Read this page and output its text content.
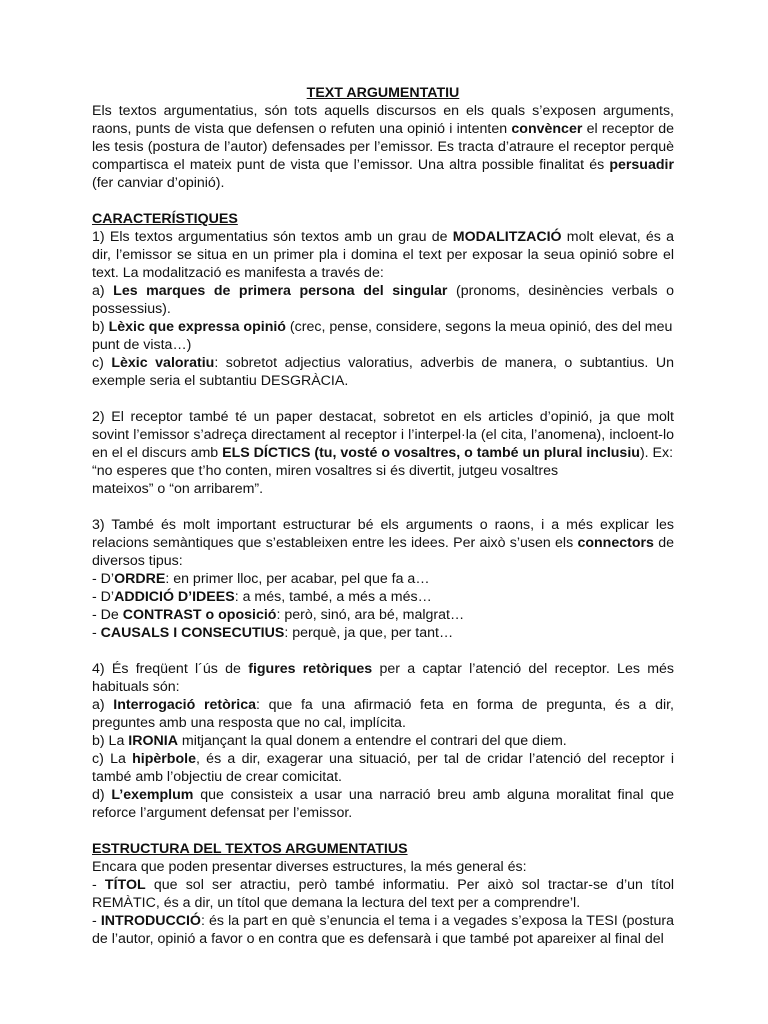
TEXT ARGUMENTATIU

Els textos argumentatius, són tots aquells discursos en els quals s’exposen arguments, raons, punts de vista que defensen o refuten una opinió i intenten convèncer el receptor de les tesis (postura de l’autor) defensades per l’emissor. Es tracta d’atraure el receptor perquè compartisca el mateix punt de vista que l’emissor. Una altra possible finalitat és persuadir (fer canviar d’opinió).

CARACTERÍSTIQUES

1) Els textos argumentatius són textos amb un grau de MODALITZACIÓ molt elevat, és a dir, l’emissor se situa en un primer pla i domina el text per exposar la seua opinió sobre el text. La modalització es manifesta a través de:

a) Les marques de primera persona del singular (pronoms, desinències verbals o possessius).

b) Lèxic que expressa opinió (crec, pense, considere, segons la meua opinió, des del meu punt de vista…)

c) Lèxic valoratiu: sobretot adjectius valoratius, adverbis de manera, o subtantius. Un exemple seria el subtantiu DESGRÀCIA.

2) El receptor també té un paper destacat, sobretot en els articles d’opinió, ja que molt sovint l’emissor s’adreça directament al receptor i l’interpel·la (el cita, l’anomena), incloent-lo en el el discurs amb ELS DÍCTICS (tu, vosté o vosaltres, o també un plural inclusiu). Ex:

“no esperes que t’ho conten, miren vosaltres si és divertit, jutgeu vosaltres
mateixos” o “on arribarem”.

3) També és molt important estructurar bé els arguments o raons, i a més explicar les relacions semàntiques que s’estableixen entre les idees. Per això s’usen els connectors de diversos tipus:

- D’ORDRE: en primer lloc, per acabar, pel que fa a…
- D’ADDICIÓ D’IDEES: a més, també, a més a més…
- De CONTRAST o oposició: però, sinó, ara bé, malgrat…
- CAUSALS I CONSECUTIUS: perquè, ja que, per tant…

4) És freqüent l´ús de figures retòriques per a captar l’atenció del receptor. Les més habituals són:

a) Interrogació retòrica: que fa una afirmació feta en forma de pregunta, és a dir, preguntes amb una resposta que no cal, implícita.

b) La IRONIA mitjançant la qual donem a entendre el contrari del que diem.

c) La hipèrbole, és a dir, exagerar una situació, per tal de cridar l’atenció del receptor i també amb l’objectiu de crear comicitat.

d) L’exemplum que consisteix a usar una narració breu amb alguna moralitat final que reforce l’argument defensat per l’emissor.

ESTRUCTURA DEL TEXTOS ARGUMENTATIUS
Encara que poden presentar diverses estructures, la més general és:

- TÍTOL que sol ser atractiu, però també informatiu. Per això sol tractar-se d’un títol REMÀTIC, és a dir, un títol que demana la lectura del text per a comprendre’l.

- INTRODUCCIÓ: és la part en què s’enuncia el tema i a vegades s’exposa la TESI (postura de l’autor, opinió a favor o en contra que es defensarà i que també pot apareixer al final del
